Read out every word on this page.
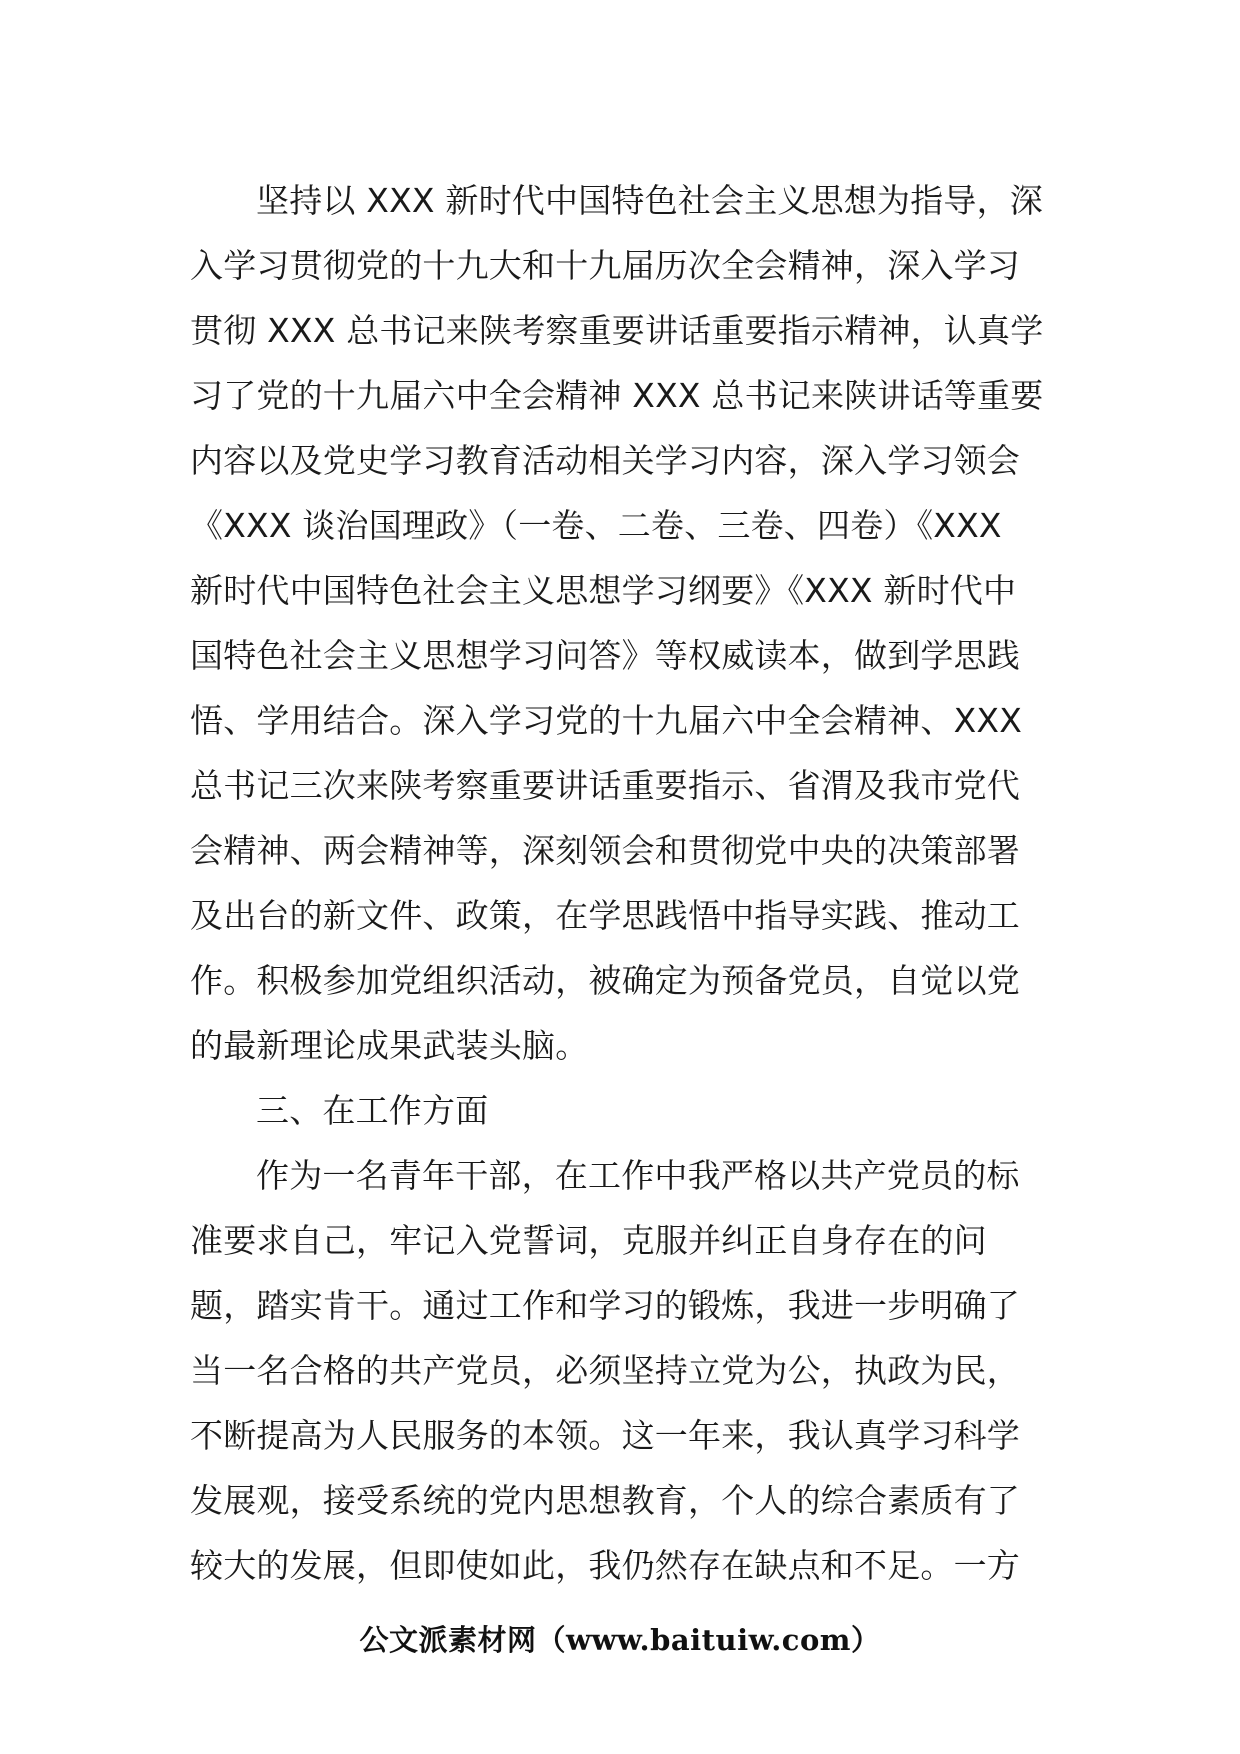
坚持以 XXX 新时代中国特色社会主义思想为指导，深
入学习贯彻党的十九大和十九届历次全会精神，深入学习
贯彻 XXX 总书记来陕考察重要讲话重要指示精神，认真学
习了党的十九届六中全会精神 XXX 总书记来陕讲话等重要
内容以及党史学习教育活动相关学习内容，深入学习领会
《XXX 谈治国理政》（一卷、二卷、三卷、四卷）《XXX
新时代中国特色社会主义思想学习纲要》《XXX 新时代中
国特色社会主义思想学习问答》等权威读本，做到学思践
悟、学用结合。深入学习党的十九届六中全会精神、XXX
总书记三次来陕考察重要讲话重要指示、省渭及我市党代
会精神、两会精神等，深刻领会和贯彻党中央的决策部署
及出台的新文件、政策，在学思践悟中指导实践、推动工
作。积极参加党组织活动，被确定为预备党员，自觉以党
的最新理论成果武装头脑。
三、在工作方面
作为一名青年干部，在工作中我严格以共产党员的标
准要求自己，牢记入党誓词，克服并纠正自身存在的问
题，踏实肯干。通过工作和学习的锻炼，我进一步明确了
当一名合格的共产党员，必须坚持立党为公，执政为民，
不断提高为人民服务的本领。这一年来，我认真学习科学
发展观，接受系统的党内思想教育，个人的综合素质有了
较大的发展，但即使如此，我仍然存在缺点和不足。一方
公文派素材网（www.baituiw.com）
